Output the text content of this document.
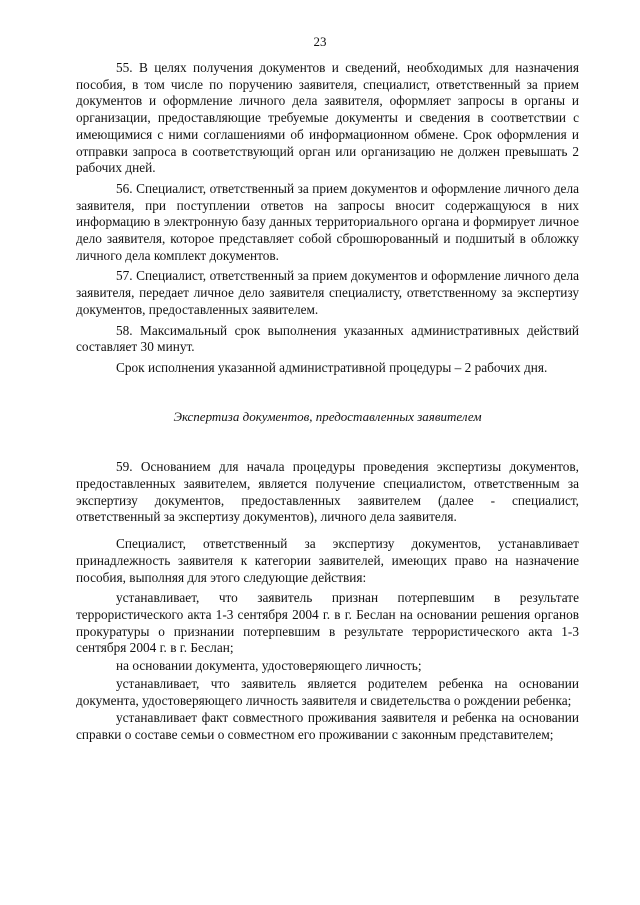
23

55. В целях получения документов и сведений, необходимых для назначения пособия, в том числе по поручению заявителя, специалист, ответственный за прием документов и оформление личного дела заявителя, оформляет запросы в органы и организации, предоставляющие требуемые документы и сведения в соответствии с имеющимися с ними соглашениями об информационном обмене. Срок оформления и отправки запроса в соответствующий орган или организацию не должен превышать 2 рабочих дней.

56. Специалист, ответственный за прием документов и оформление личного дела заявителя, при поступлении ответов на запросы вносит содержащуюся в них информацию в электронную базу данных территориального органа и формирует личное дело заявителя, которое представляет собой сброшюрованный и подшитый в обложку личного дела комплект документов.

57. Специалист, ответственный за прием документов и оформление личного дела заявителя, передает личное дело заявителя специалисту, ответственному за экспертизу документов, предоставленных заявителем.

58. Максимальный срок выполнения указанных административных действий составляет 30 минут.

Срок исполнения указанной административной процедуры – 2 рабочих дня.

Экспертиза документов, предоставленных заявителем

59. Основанием для начала процедуры проведения экспертизы документов, предоставленных заявителем, является получение специалистом, ответственным за экспертизу документов, предоставленных заявителем (далее - специалист, ответственный за экспертизу документов), личного дела заявителя.

Специалист, ответственный за экспертизу документов, устанавливает принадлежность заявителя к категории заявителей, имеющих право на назначение пособия, выполняя для этого следующие действия:

устанавливает, что заявитель признан потерпевшим в результате террористического акта 1-3 сентября 2004 г. в г. Беслан на основании решения органов прокуратуры о признании потерпевшим в результате террористического акта 1-3 сентября 2004 г. в г. Беслан;

на основании документа, удостоверяющего личность;

устанавливает, что заявитель является родителем ребенка на основании документа, удостоверяющего личность заявителя и свидетельства о рождении ребенка;

устанавливает факт совместного проживания заявителя и ребенка на основании справки о составе семьи о совместном его проживании с законным представителем;
